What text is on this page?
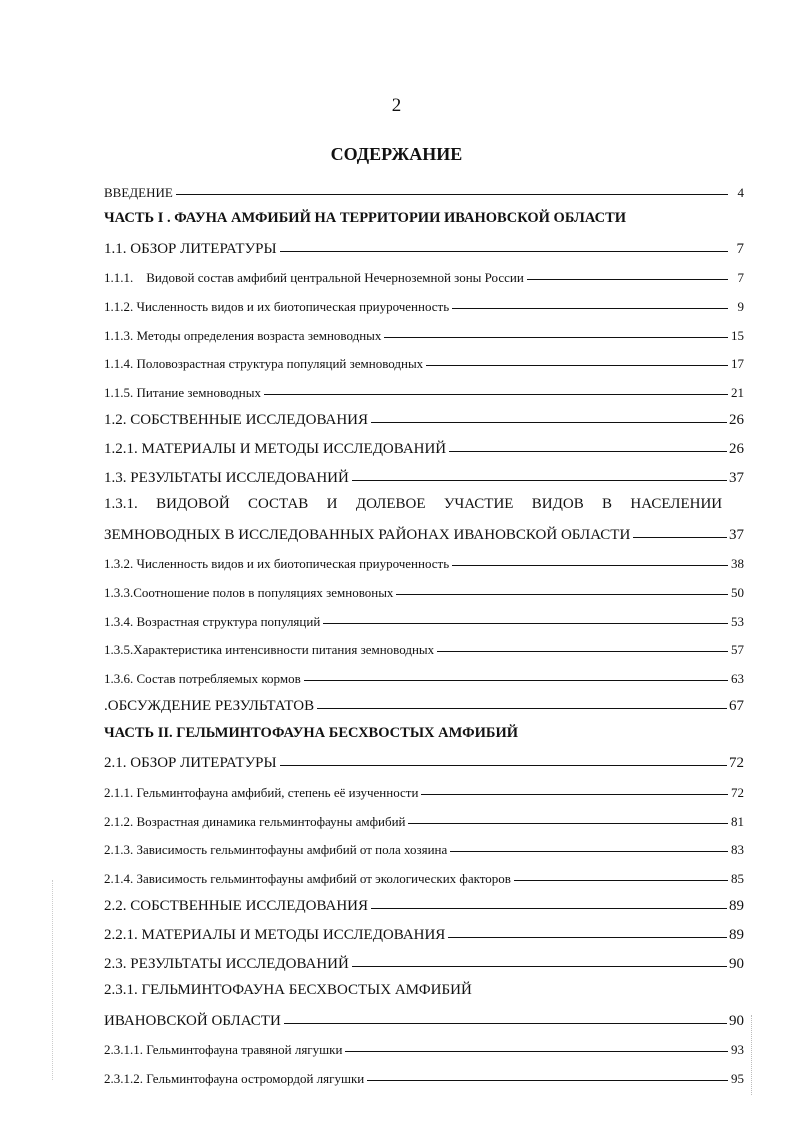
2
СОДЕРЖАНИЕ
ВВЕДЕНИЕ	4
ЧАСТЬ I . ФАУНА АМФИБИЙ НА ТЕРРИТОРИИ ИВАНОВСКОЙ ОБЛАСТИ
1.1. ОБЗОР ЛИТЕРАТУРЫ	7
1.1.1.    Видовой состав амфибий центральной Нечерноземной зоны России	7
1.1.2. Численность видов и их биотопическая приуроченность	9
1.1.3. Методы определения возраста земноводных	15
1.1.4. Половозрастная структура популяций земноводных	17
1.1.5. Питание земноводных	21
1.2. СОБСТВЕННЫЕ ИССЛЕДОВАНИЯ	26
1.2.1. МАТЕРИАЛЫ И МЕТОДЫ ИССЛЕДОВАНИЙ	26
1.3. РЕЗУЛЬТАТЫ ИССЛЕДОВАНИЙ	37
1.3.1. ВИДОВОЙ СОСТАВ И ДОЛЕВОЕ УЧАСТИЕ ВИДОВ В НАСЕЛЕНИИ
ЗЕМНОВОДНЫХ В ИССЛЕДОВАННЫХ РАЙОНАХ ИВАНОВСКОЙ ОБЛАСТИ	37
1.3.2. Численность видов и их биотопическая приуроченность	38
1.3.3.Соотношение полов в популяциях земновоных	50
1.3.4. Возрастная структура популяций	53
1.3.5.Характеристика интенсивности питания земноводных	57
1.3.6. Состав потребляемых кормов	63
.ОБСУЖДЕНИЕ РЕЗУЛЬТАТОВ	67
ЧАСТЬ II. ГЕЛЬМИНТОФАУНА БЕСХВОСТЫХ АМФИБИЙ
2.1. ОБЗОР ЛИТЕРАТУРЫ	72
2.1.1. Гельминтофауна амфибий, степень её изученности	72
2.1.2. Возрастная динамика гельминтофауны амфибий	81
2.1.3. Зависимость гельминтофауны амфибий от пола хозяина	83
2.1.4. Зависимость гельминтофауны амфибий от экологических факторов	85
2.2. СОБСТВЕННЫЕ ИССЛЕДОВАНИЯ	89
2.2.1. МАТЕРИАЛЫ И МЕТОДЫ ИССЛЕДОВАНИЯ	89
2.3. РЕЗУЛЬТАТЫ ИССЛЕДОВАНИЙ	90
2.3.1. ГЕЛЬМИНТОФАУНА БЕСХВОСТЫХ АМФИБИЙ
ИВАНОВСКОЙ ОБЛАСТИ	90
2.3.1.1. Гельминтофауна травяной лягушки	93
2.3.1.2. Гельминтофауна остромордой лягушки	95
